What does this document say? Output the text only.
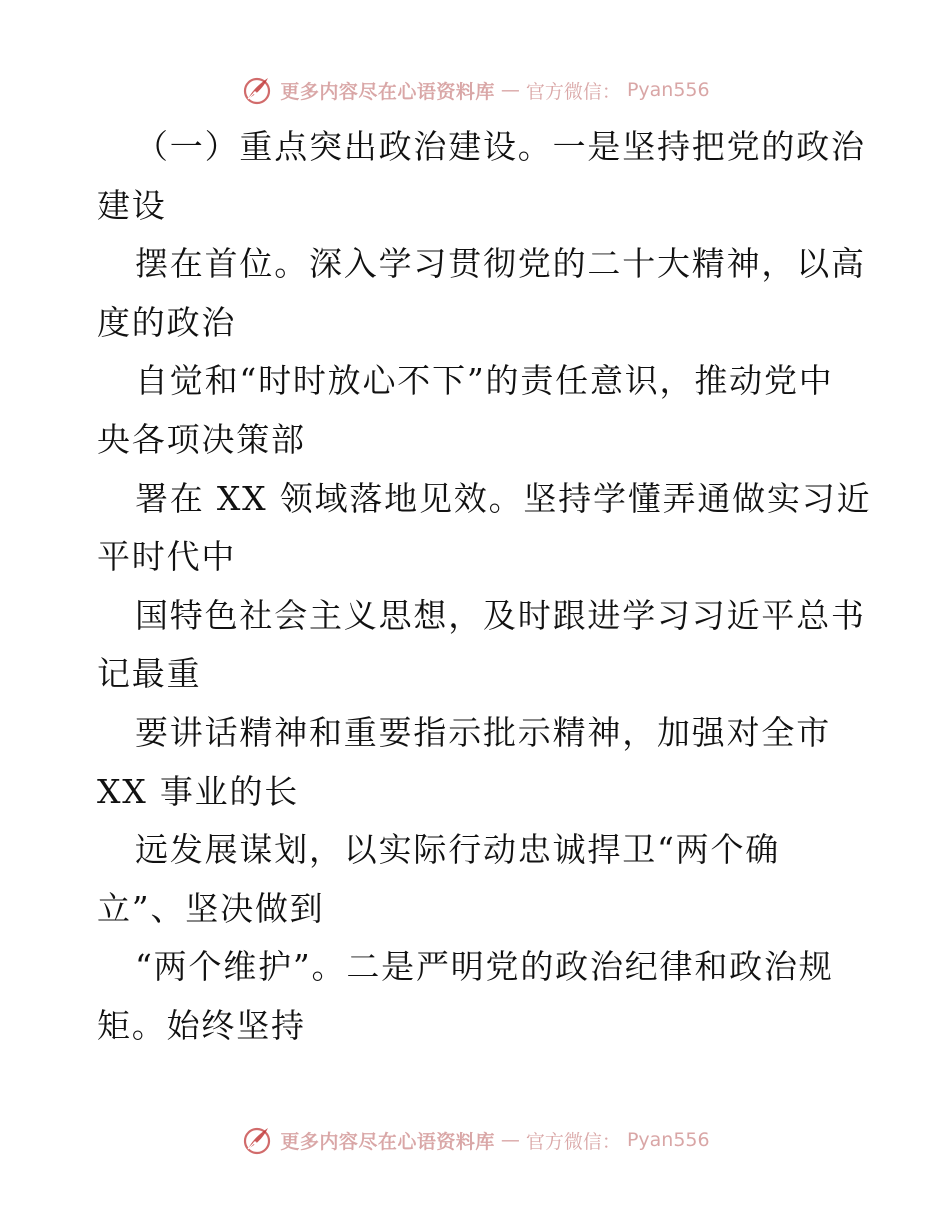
更多内容尽在心语资料库 — 官方微信： Pyan556
（一）重点突出政治建设。一是坚持把党的政治
建设
摆在首位。深入学习贯彻党的二十大精神，以高
度的政治
自觉和“时时放心不下”的责任意识，推动党中
央各项决策部
署在 XX 领域落地见效。坚持学懂弄通做实习近
平时代中
国特色社会主义思想，及时跟进学习习近平总书
记最重
要讲话精神和重要指示批示精神，加强对全市
XX 事业的长
远发展谋划，以实际行动忠诚捍卫“两个确
立”、坚决做到
“两个维护”。二是严明党的政治纪律和政治规
矩。始终坚持
更多内容尽在心语资料库 — 官方微信： Pyan556
